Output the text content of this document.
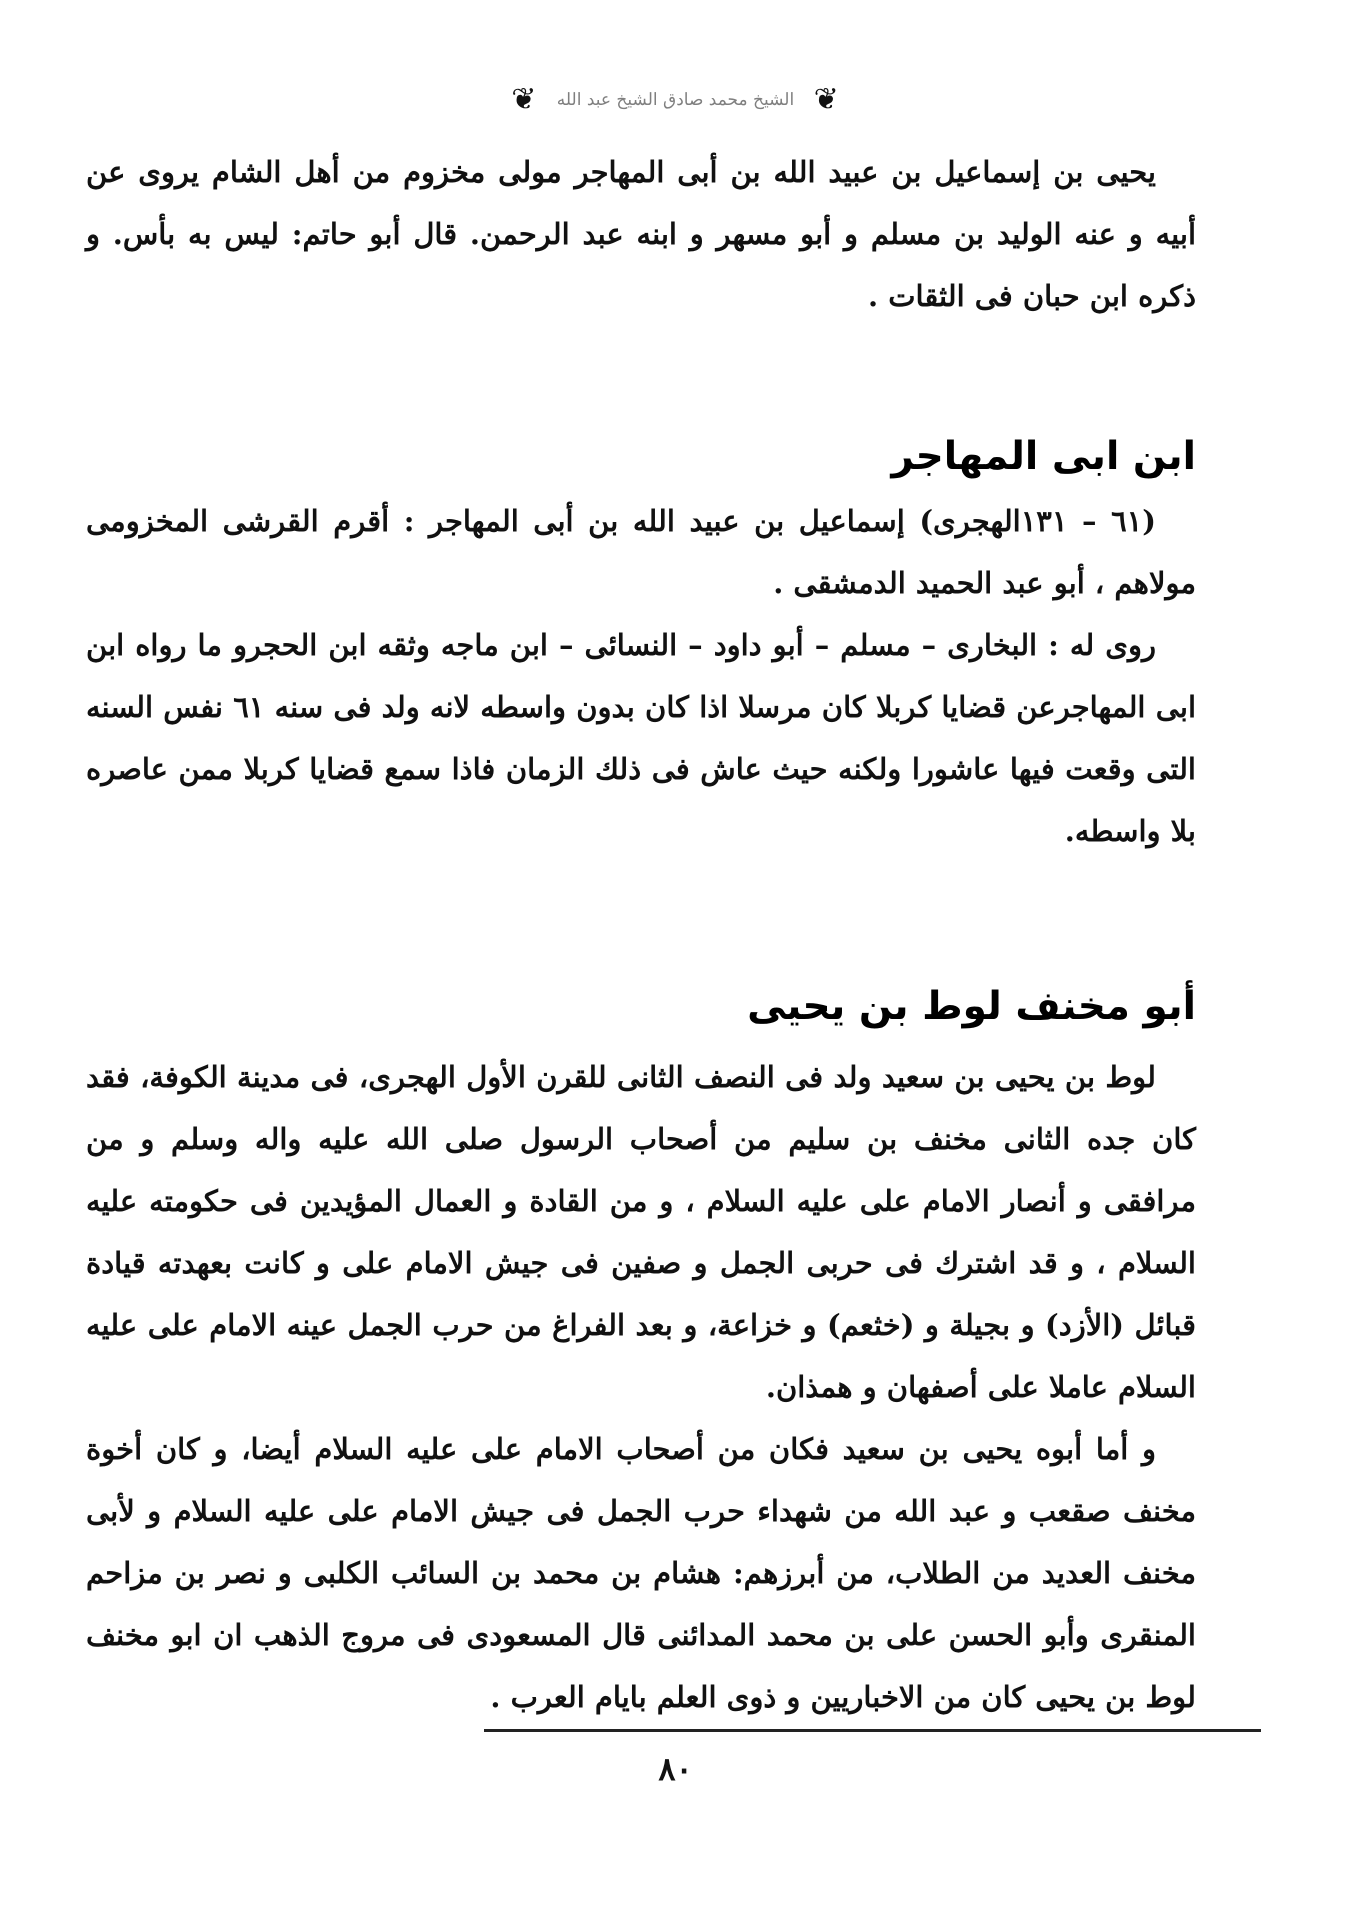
❦ الشيخ محمد صادق الشيخ عبد الله ❦

يحيى بن إسماعيل بن عبيد الله بن أبى المهاجر مولى مخزوم من أهل الشام يروى عن أبيه و عنه الوليد بن مسلم و أبو مسهر و ابنه عبد الرحمن. قال أبو حاتم: ليس به بأس. و ذكره ابن حبان فى الثقات .

ابن ابى المهاجر

(٦١ – ١٣١الهجرى) إسماعيل بن عبيد الله بن أبى المهاجر : أقرم القرشى المخزومى مولاهم ، أبو عبد الحميد الدمشقى .

روى له : البخارى – مسلم – أبو داود – النسائى – ابن ماجه وثقه ابن الحجرو ما رواه ابن ابى المهاجرعن قضايا كربلا كان مرسلا اذا كان بدون واسطه لانه ولد فى سنه ٦١ نفس السنه التى وقعت فيها عاشورا ولكنه حيث عاش فى ذلك الزمان فاذا سمع قضايا كربلا ممن عاصره بلا واسطه.

أبو مخنف لوط بن يحيى

لوط بن يحيى بن سعيد ولد فى النصف الثانى للقرن الأول الهجرى، فى مدينة الكوفة، فقد كان جده الثانى مخنف بن سليم من أصحاب الرسول صلى الله عليه واله وسلم و من مرافقى و أنصار الامام على عليه السلام ، و من القادة و العمال المؤيدين فى حكومته عليه السلام ، و قد اشترك فى حربى الجمل و صفين فى جيش الامام على و كانت بعهدته قيادة قبائل (الأزد) و بجيلة و (خثعم) و خزاعة، و بعد الفراغ من حرب الجمل عينه الامام على عليه السلام عاملا على أصفهان و همذان.

و أما أبوه يحيى بن سعيد فكان من أصحاب الامام على عليه السلام أيضا، و كان أخوة مخنف صقعب و عبد الله من شهداء حرب الجمل فى جيش الامام على عليه السلام و لأبى مخنف العديد من الطلاب، من أبرزهم: هشام بن محمد بن السائب الكلبى و نصر بن مزاحم المنقرى وأبو الحسن على بن محمد المدائنى قال المسعودى فى مروج الذهب ان ابو مخنف لوط بن يحيى كان من الاخباريين و ذوى العلم بايام العرب .

٨٠
